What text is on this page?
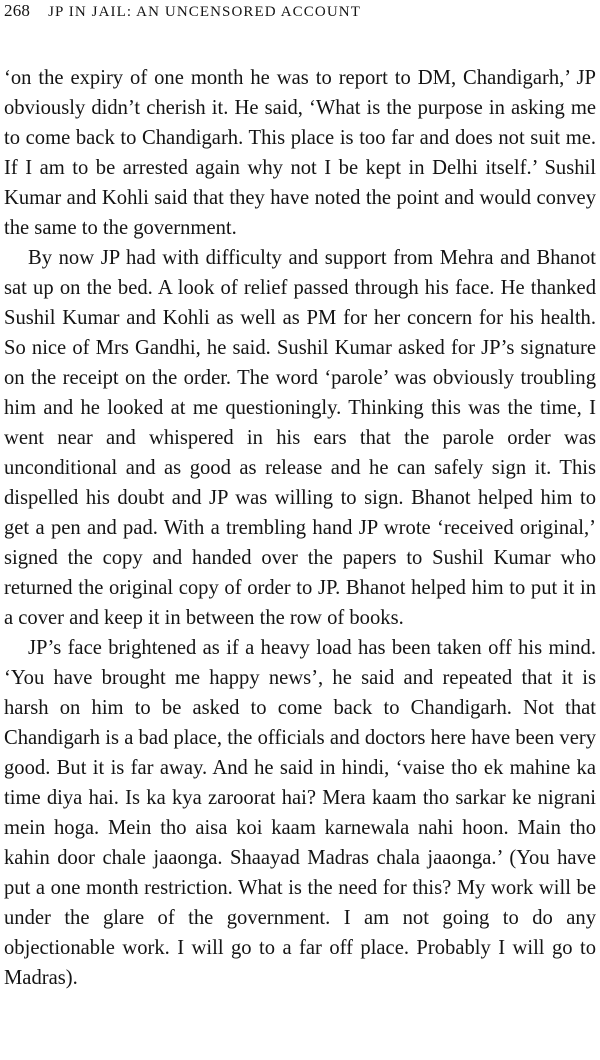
268 JP IN JAIL: AN UNCENSORED ACCOUNT

‘on the expiry of one month he was to report to DM, Chandigarh,’ JP obviously didn’t cherish it. He said, ‘What is the purpose in asking me to come back to Chandigarh. This place is too far and does not suit me. If I am to be arrested again why not I be kept in Delhi itself.’ Sushil Kumar and Kohli said that they have noted the point and would convey the same to the government.

By now JP had with difficulty and support from Mehra and Bhanot sat up on the bed. A look of relief passed through his face. He thanked Sushil Kumar and Kohli as well as PM for her concern for his health. So nice of Mrs Gandhi, he said. Sushil Kumar asked for JP’s signature on the receipt on the order. The word ‘parole’ was obviously troubling him and he looked at me questioningly. Thinking this was the time, I went near and whispered in his ears that the parole order was unconditional and as good as release and he can safely sign it. This dispelled his doubt and JP was willing to sign. Bhanot helped him to get a pen and pad. With a trembling hand JP wrote ‘received original,’ signed the copy and handed over the papers to Sushil Kumar who returned the original copy of order to JP. Bhanot helped him to put it in a cover and keep it in between the row of books.

JP’s face brightened as if a heavy load has been taken off his mind. ‘You have brought me happy news’, he said and repeated that it is harsh on him to be asked to come back to Chandigarh. Not that Chandigarh is a bad place, the officials and doctors here have been very good. But it is far away. And he said in hindi, ‘vaise tho ek mahine ka time diya hai. Is ka kya zaroorat hai? Mera kaam tho sarkar ke nigrani mein hoga. Mein tho aisa koi kaam karnewala nahi hoon. Main tho kahin door chale jaaonga. Shaayad Madras chala jaaonga.’ (You have put a one month restriction. What is the need for this? My work will be under the glare of the government. I am not going to do any objectionable work. I will go to a far off place. Probably I will go to Madras).
